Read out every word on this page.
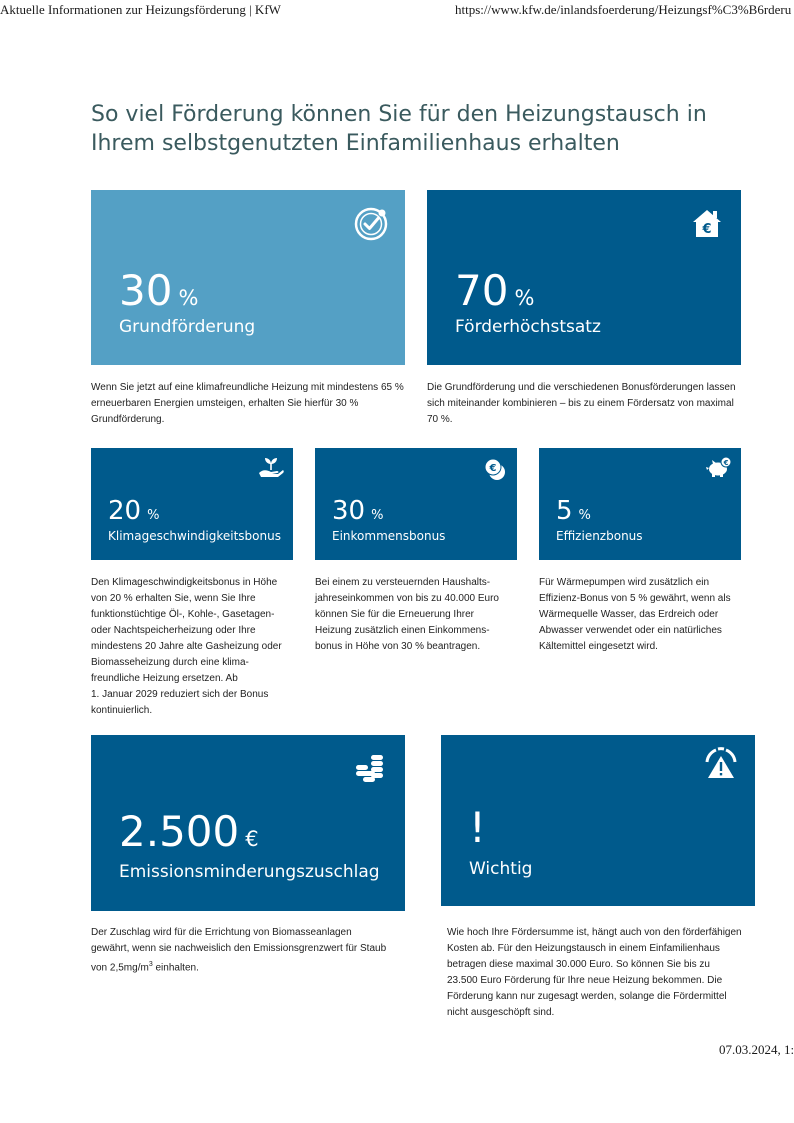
Aktuelle Informationen zur Heizungsförderung | KfW	https://www.kfw.de/inlandsfoerderung/Heizungsf%C3%B6rderu
So viel Förderung können Sie für den Heizungstausch in Ihrem selbstgenutzten Einfamilienhaus erhalten
30 %
Grundförderung

Wenn Sie jetzt auf eine klimafreundliche Heizung mit mindestens 65 % erneuerbaren Energien umsteigen, erhalten Sie hierfür 30 % Grundförderung.

€
70 %
Förderhöchstsatz

Die Grundförderung und die verschiedenen Bonusförderungen lassen sich miteinander kombinieren – bis zu einem Fördersatz von maximal 70 %.

20 %
Klimageschwindigkeitsbonus

Den Klimageschwindigkeitsbonus in Höhe
von 20 % erhalten Sie, wenn Sie Ihre
funktionstüchtige Öl-, Kohle-, Gasetagen-
oder Nachtspeicherheizung oder Ihre
mindestens 20 Jahre alte Gasheizung oder
Biomasseheizung durch eine klima-
freundliche Heizung ersetzen. Ab
1. Januar 2029 reduziert sich der Bonus
kontinuierlich.

€
30 %
Einkommensbonus

Bei einem zu versteuernden Haushalts-
jahreseinkommen von bis zu 40.000 Euro
können Sie für die Erneuerung Ihrer
Heizung zusätzlich einen Einkommens-
bonus in Höhe von 30 % beantragen.

€
5 %
Effizienzbonus

Für Wärmepumpen wird zusätzlich ein
Effizienz-Bonus von 5 % gewährt, wenn als
Wärmequelle Wasser, das Erdreich oder
Abwasser verwendet oder ein natürliches
Kältemittel eingesetzt wird.

2.500 €
Emissionsminderungszuschlag

Der Zuschlag wird für die Errichtung von Biomasseanlagen
gewährt, wenn sie nachweislich den Emissionsgrenzwert für Staub
von $2,5mg/m^3$ einhalten.

!
Wichtig

Wie hoch Ihre Fördersumme ist, hängt auch von den förderfähigen
Kosten ab. Für den Heizungstausch in einem Einfamilienhaus
betragen diese maximal 30.000 Euro. So können Sie bis zu
23.500 Euro Förderung für Ihre neue Heizung bekommen. Die
Förderung kann nur zugesagt werden, solange die Fördermittel
nicht ausgeschöpft sind.

07.03.2024, 1:
